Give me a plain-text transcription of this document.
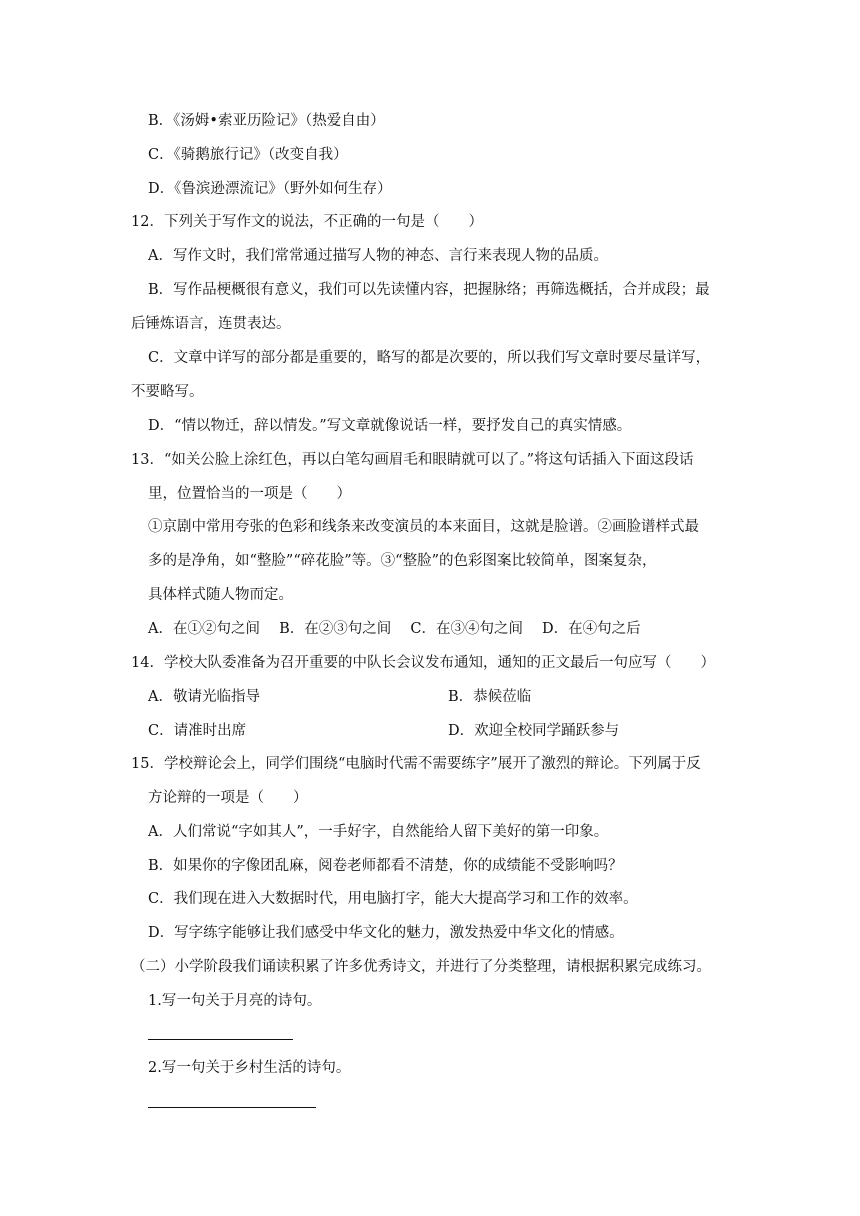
B．《汤姆•索亚历险记》（热爱自由）
C．《骑鹅旅行记》（改变自我）
D．《鲁滨逊漂流记》（野外如何生存）
12．下列关于写作文的说法，不正确的一句是（　　）
A．写作文时，我们常常通过描写人物的神态、言行来表现人物的品质。
B．写作品梗概很有意义，我们可以先读懂内容，把握脉络；再筛选概括，合并成段；最
后锤炼语言，连贯表达。
C．文章中详写的部分都是重要的，略写的都是次要的，所以我们写文章时要尽量详写，
不要略写。
D．“情以物迁，辞以情发。”写文章就像说话一样，要抒发自己的真实情感。
13．“如关公脸上涂红色，再以白笔勾画眉毛和眼睛就可以了。”将这句话插入下面这段话
里，位置恰当的一项是（　　）
①京剧中常用夸张的色彩和线条来改变演员的本来面目，这就是脸谱。②画脸谱样式最
多的是净角，如“整脸”“碎花脸”等。③“整脸”的色彩图案比较简单，图案复杂，
具体样式随人物而定。
A．在①②句之间　 B．在②③句之间　 C．在③④句之间　 D．在④句之后
14．学校大队委准备为召开重要的中队长会议发布通知，通知的正文最后一句应写（　　）
A．敬请光临指导	B．恭候莅临
C．请准时出席	D．欢迎全校同学踊跃参与
15．学校辩论会上，同学们围绕“电脑时代需不需要练字”展开了激烈的辩论。下列属于反
方论辩的一项是（　　）
A．人们常说“字如其人”，一手好字，自然能给人留下美好的第一印象。
B．如果你的字像团乱麻，阅卷老师都看不清楚，你的成绩能不受影响吗？
C．我们现在进入大数据时代，用电脑打字，能大大提高学习和工作的效率。
D．写字练字能够让我们感受中华文化的魅力，激发热爱中华文化的情感。
（二）小学阶段我们诵读积累了许多优秀诗文，并进行了分类整理，请根据积累完成练习。
1.写一句关于月亮的诗句。
2.写一句关于乡村生活的诗句。
